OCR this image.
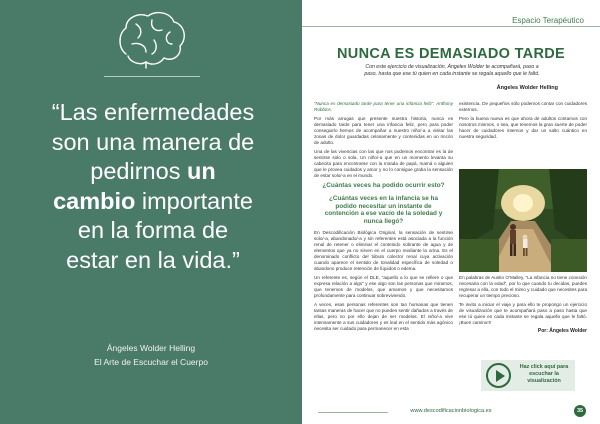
“Las enfermedades
son una manera de
pedirnos un
cambio importante
en la forma de
estar en la vida.”
Ángeles Wolder Helling
El Arte de Escuchar el Cuerpo
Espacio Terapéutico
NUNCA ES DEMASIADO TARDE
Con este ejercicio de visualización, Ángeles Wolder te acompañará, paso a paso, hasta que ese tú quien en cada instante se regala aquello que le faltó.
Ángeles Wolder Helling

“Nunca es demasiado tarde para tener una infancia feliz”. Anthony Robbins.

Por más arrugas que presente nuestra historia, nunca es demasiado tarde para tener una infancia feliz, pero para poder conseguirlo hemos de acompañar a nuestro niño/-a a visitar las zonas de dolor guardadas celosamente y contenidas en un rincón de adulto.

Una de las vivencias con las que nos podemos encontrar es la de sentirse solo o sola. Un niño/-a que en un momento levanta su cabecita para encontrarse con la mirada de papá, mamá o alguien que le provea cuidados y amor y no lo consigue graba la sensación de estar solo/-a en el mundo.

¿Cuántas veces ha podido ocurrir esto?
¿Cuántas veces en la infancia se ha podido necesitar un instante de contención a ese vacío de la soledad y nunca llegó?

En Descodificación Biológica Original, la sensación de sentirse solo/-a, abandonado/-a y sin referentes está asociada a la función renal de retener o eliminar el contenido sobrante de agua y de elementos que ya no sirven en el cuerpo mediante la orina. Es el denominado conflicto del túbulo colector renal cuya activación cuando aparece el sentido de tonalidad específica de soledad o abandono produce retención de líquidos o edema.

Un referente es, según el DLE, “aquello a lo que se refiere o que expresa relación a algo” y ese algo son las personas que miramos, que tenemos de modelos, que amamos y que necesitamos profundamente para continuar sobreviviendo.

A veces, esas personas referentes son tan humanas que tienen tantas maneras de hacer que no pueden sentir dañados a través de ellas, pero no por ello dejan de ser modelos. El niño/-a vive intensamente a sus cuidadores y es leal en el sentido más agónico necesita ser cuidado para permanecer en esta

existencia. De pequeños sólo podemos contar con cuidadores externos.

Pero la buena nueva es que ahora de adultos contamos con nosotros mismos, o sea, que tenemos la gran suerte de poder hacer de cuidadores internos y dar un salto cuántico en nuestra seguridad.

En palabras de Austin O’Malley, “La infancia no tiene conexión necesaria con la edad”, por lo que cuando tu decidas, puedes regresar a ella, con todo el mimo y cuidado que necesites para recuperar un tiempo precioso.

Te invito a iniciar el viaje y para ello te propongo un ejercicio de visualización que te acompañará paso a paso hasta que ese tú quien en cada instante se regala aquello que le faltó. ¡Buen camino!!!

Por: Ángeles Wolder
Haz click aquí para escuchar la visualización
www.descodificacionbiologica.es	35
